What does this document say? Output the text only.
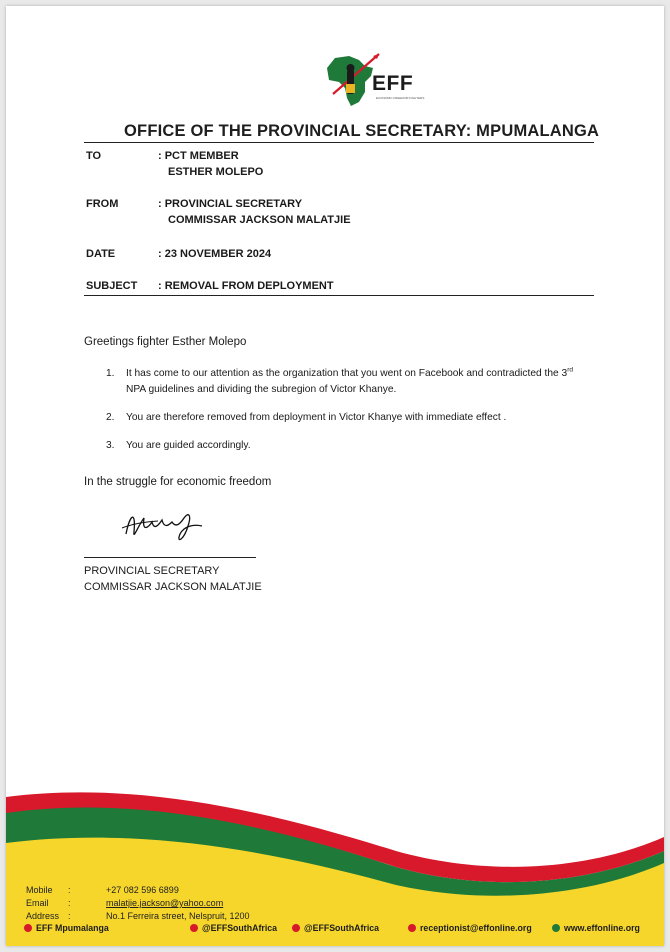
EFF
ECONOMIC FREEDOM FIGHTERS
OFFICE OF THE PROVINCIAL SECRETARY: MPUMALANGA
TO	: PCT MEMBER
ESTHER MOLEPO
FROM	: PROVINCIAL SECRETARY
COMMISSAR JACKSON MALATJIE
DATE	: 23 NOVEMBER 2024
SUBJECT : REMOVAL FROM DEPLOYMENT
Greetings fighter Esther Molepo
1. It has come to our attention as the organization that you went on Facebook and contradicted the 3rd NPA guidelines and dividing the subregion of Victor Khanye.
2. You are therefore removed from deployment in Victor Khanye with immediate effect .
3. You are guided accordingly.
In the struggle for economic freedom
PROVINCIAL SECRETARY
COMMISSAR JACKSON MALATJIE
Mobile :	+27 082 596 6899
Email :	malatjie.jackson@yahoo.com
Address :	No.1 Ferreira street, Nelspruit, 1200
EFF Mpumalanga	@EFFSouthAfrica	@EFFSouthAfrica	receptionist@effonline.org	www.effonline.org
